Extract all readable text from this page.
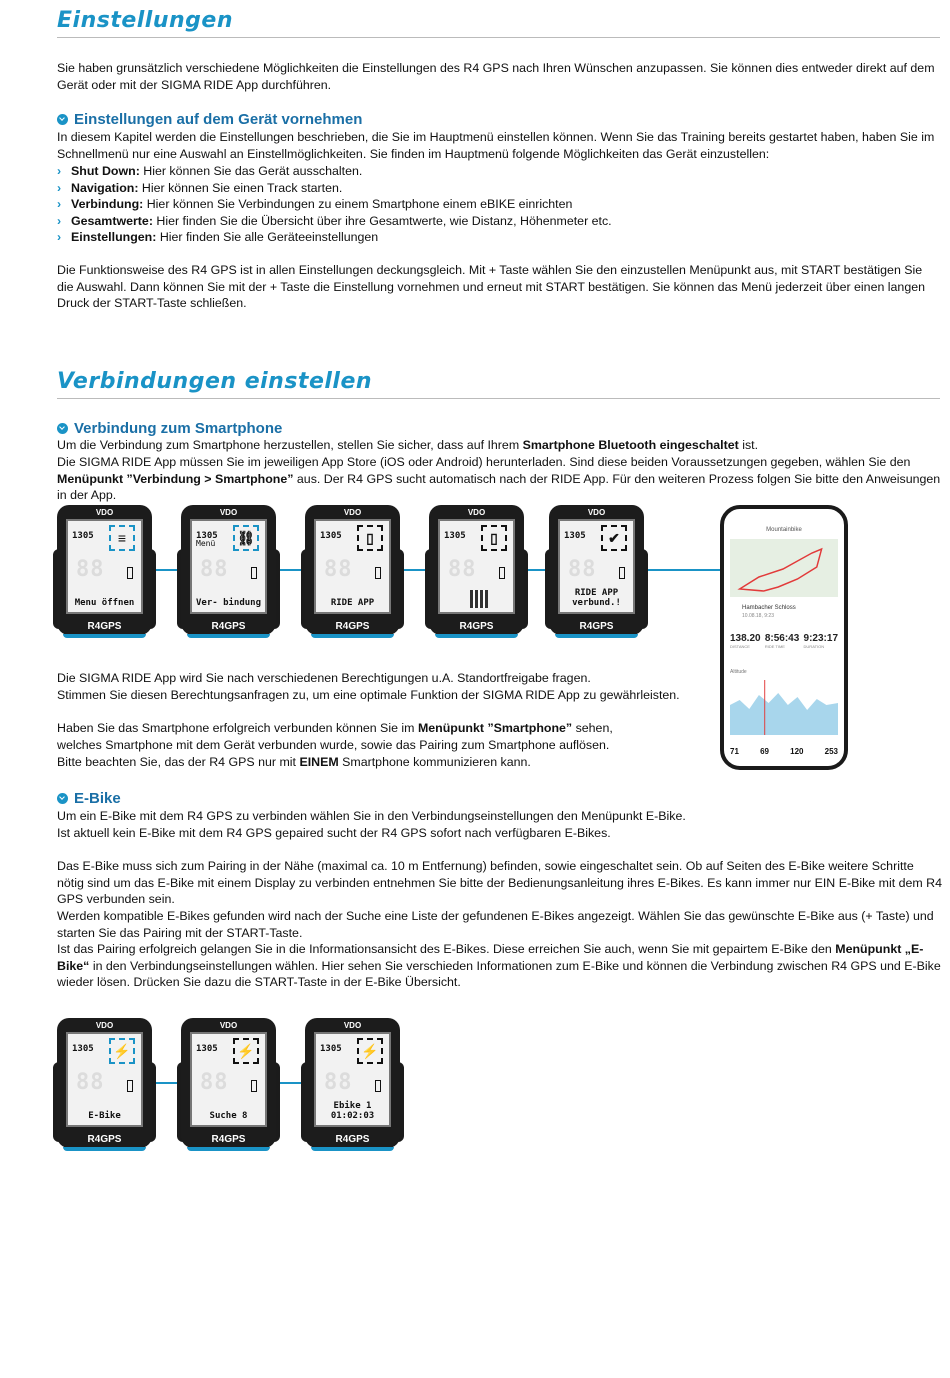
Einstellungen
Sie haben grunsätzlich verschiedene Möglichkeiten die Einstellungen des R4 GPS nach Ihren Wünschen anzupassen. Sie können dies entweder direkt auf dem Gerät oder mit der SIGMA RIDE App durchführen.
Einstellungen auf dem Gerät vornehmen
In diesem Kapitel werden die Einstellungen beschrieben, die Sie im Hauptmenü einstellen können. Wenn Sie das Training bereits gestartet haben, haben Sie im Schnellmenü nur eine Auswahl an Einstellmöglichkeiten. Sie finden im Hauptmenü folgende Möglichkeiten das Gerät einzustellen:
› Shut Down: Hier können Sie das Gerät ausschalten.
› Navigation: Hier können Sie einen Track starten.
› Verbindung: Hier können Sie Verbindungen zu einem Smartphone einem eBIKE einrichten
› Gesamtwerte: Hier finden Sie die Übersicht über ihre Gesamtwerte, wie Distanz, Höhenmeter etc.
› Einstellungen: Hier finden Sie alle Geräteeinstellungen
Die Funktionsweise des R4 GPS ist in allen Einstellungen deckungsgleich. Mit + Taste wählen Sie den einzustellen Menüpunkt aus, mit START bestätigen Sie die Auswahl. Dann können Sie mit der + Taste die Einstellung vornehmen und erneut mit START bestätigen. Sie können das Menü jederzeit über einen langen Druck der START-Taste schließen.
Verbindungen einstellen
Verbindung zum Smartphone
Um die Verbindung zum Smartphone herzustellen, stellen Sie sicher, dass auf Ihrem Smartphone Bluetooth eingeschaltet ist.
Die SIGMA RIDE App müssen Sie im jeweiligen App Store (iOS oder Android) herunterladen. Sind diese beiden Voraussetzungen gegeben, wählen Sie den Menüpunkt ”Verbindung > Smartphone” aus. Der R4 GPS sucht automatisch nach der RIDE App. Für den weiteren Prozess folgen Sie bitte den Anweisungen in der App.
VDO
1305	≡
88
Menu öffnen
R4GPS
VDO
1305
Menü ⛓
88
Ver- bindung
R4GPS
VDO
1305	▯
88
RIDE APP
R4GPS
VDO
1305	▯
88
R4GPS
VDO
1305	✔
88
RIDE APP verbund.!
R4GPS
Mountainbike
Hambacher Schloss
10.08.18, 9:23
138.20
DISTANCE
8:56:43
RIDE TIME
9:23:17
DURATION
Altitude
71	69	120	253
Die SIGMA RIDE App wird Sie nach verschiedenen Berechtigungen u.A. Standortfreigabe fragen.
Stimmen Sie diesen Berechtungsanfragen zu, um eine optimale Funktion der SIGMA RIDE App zu gewährleisten.
Haben Sie das Smartphone erfolgreich verbunden können Sie im Menüpunkt ”Smartphone” sehen,
welches Smartphone mit dem Gerät verbunden wurde, sowie das Pairing zum Smartphone auflösen.
Bitte beachten Sie, das der R4 GPS nur mit EINEM Smartphone kommunizieren kann.
E-Bike
Um ein E-Bike mit dem R4 GPS zu verbinden wählen Sie in den Verbindungseinstellungen den Menüpunkt E-Bike.
Ist aktuell kein E-Bike mit dem R4 GPS gepaired sucht der R4 GPS sofort nach verfügbaren E-Bikes.
Das E-Bike muss sich zum Pairing in der Nähe (maximal ca. 10 m Entfernung) befinden, sowie eingeschaltet sein. Ob auf Seiten des E-Bike weitere Schritte nötig sind um das E-Bike mit einem Display zu verbinden entnehmen Sie bitte der Bedienungsanleitung ihres E-Bikes. Es kann immer nur EIN E-Bike mit dem R4 GPS verbunden sein.
Werden kompatible E-Bikes gefunden wird nach der Suche eine Liste der gefundenen E-Bikes angezeigt. Wählen Sie das gewünschte E-Bike aus (+ Taste) und starten Sie das Pairing mit der START-Taste.
Ist das Pairing erfolgreich gelangen Sie in die Informationsansicht des E-Bikes. Diese erreichen Sie auch, wenn Sie mit gepairtem E-Bike den Menüpunkt „E-Bike“ in den Verbindungseinstellungen wählen. Hier sehen Sie verschieden Informationen zum E-Bike und können die Verbindung zwischen R4 GPS und E-Bike wieder lösen. Drücken Sie dazu die START-Taste in der E-Bike Übersicht.
VDO
1305	⚡
88
E-Bike
R4GPS
VDO
1305	⚡
88
Suche 8
R4GPS
VDO
1305	⚡
88
Ebike 1 01:02:03
R4GPS
